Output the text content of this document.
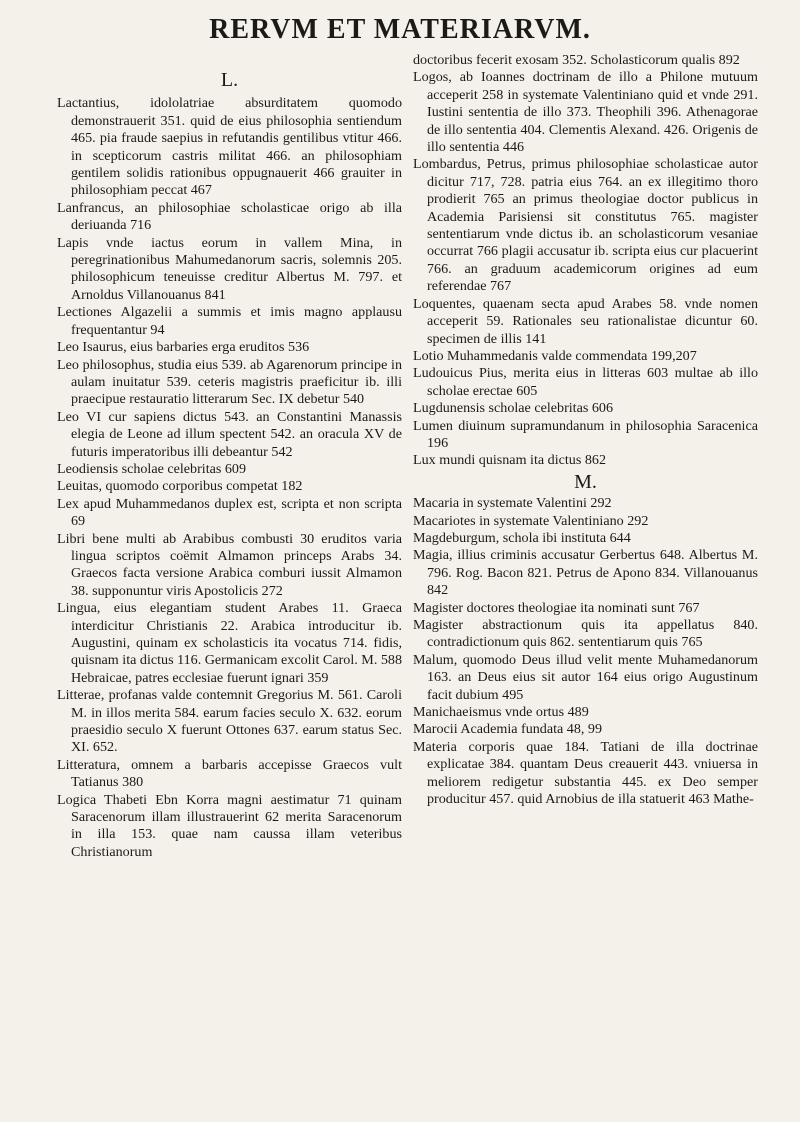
RERVM ET MATERIARVM.

L.

Lactantius, idololatriae absurditatem quomodo demonstrauerit 351. quid de eius philosophia sentiendum 465. pia fraude saepius in refutandis gentilibus vtitur 466. in scepticorum castris militat 466. an philosophiam gentilem solidis rationibus oppugnauerit 466 grauiter in philosophiam peccat 467

Lanfrancus, an philosophiae scholasticae origo ab illa deriuanda 716

Lapis vnde iactus eorum in vallem Mina, in peregrinationibus Mahumedanorum sacris, solemnis 205. philosophicum teneuisse creditur Albertus M. 797. et Arnoldus Villanouanus 841

Lectiones Algazelii a summis et imis magno applausu frequentantur 94

Leo Isaurus, eius barbaries erga eruditos 536

Leo philosophus, studia eius 539. ab Agarenorum principe in aulam inuitatur 539. ceteris magistris praeficitur ib. illi praecipue restauratio litterarum Sec. IX debetur 540

Leo VI cur sapiens dictus 543. an Constantini Manassis elegia de Leone ad illum spectent 542. an oracula XV de futuris imperatoribus illi debeantur 542

Leodiensis scholae celebritas 609

Leuitas, quomodo corporibus competat 182

Lex apud Muhammedanos duplex est, scripta et non scripta 69

Libri bene multi ab Arabibus combusti 30 eruditos varia lingua scriptos coëmit Almamon princeps Arabs 34. Graecos facta versione Arabica comburi iussit Almamon 38. supponuntur viris Apostolicis 272

Lingua, eius elegantiam student Arabes 11. Graeca interdicitur Christianis 22. Arabica introducitur ib. Augustini, quinam ex scholasticis ita vocatus 714. fidis, quisnam ita dictus 116. Germanicam excolit Carol. M. 588 Hebraicae, patres ecclesiae fuerunt ignari 359

Litterae, profanas valde contemnit Gregorius M. 561. Caroli M. in illos merita 584. earum facies seculo X. 632. eorum praesidio seculo X fuerunt Ottones 637. earum status Sec. XI. 652.

Litteratura, omnem a barbaris accepisse Graecos vult Tatianus 380

Logica Thabeti Ebn Korra magni aestimatur 71 quinam Saracenorum illam illustrauerint 62 merita Saracenorum in illa 153. quae nam caussa illam veteribus Christianorum

doctoribus fecerit exosam 352. Scholasticorum qualis 892

Logos, ab Ioannes doctrinam de illo a Philone mutuum acceperit 258 in systemate Valentiniano quid et vnde 291. Iustini sententia de illo 373. Theophili 396. Athenagorae de illo sententia 404. Clementis Alexand. 426. Origenis de illo sententia 446

Lombardus, Petrus, primus philosophiae scholasticae autor dicitur 717, 728. patria eius 764. an ex illegitimo thoro prodierit 765 an primus theologiae doctor publicus in Academia Parisiensi sit constitutus 765. magister sententiarum vnde dictus ib. an scholasticorum vesaniae occurrat 766 plagii accusatur ib. scripta eius cur placuerint 766. an graduum academicorum origines ad eum referendae 767

Loquentes, quaenam secta apud Arabes 58. vnde nomen acceperit 59. Rationales seu rationalistae dicuntur 60. specimen de illis 141

Lotio Muhammedanis valde commendata 199,207

Ludouicus Pius, merita eius in litteras 603 multae ab illo scholae erectae 605

Lugdunensis scholae celebritas 606

Lumen diuinum supramundanum in philosophia Saracenica 196

Lux mundi quisnam ita dictus 862

M.

Macaria in systemate Valentini 292

Macariotes in systemate Valentiniano 292

Magdeburgum, schola ibi instituta 644

Magia, illius criminis accusatur Gerbertus 648. Albertus M. 796. Rog. Bacon 821. Petrus de Apono 834. Villanouanus 842

Magister doctores theologiae ita nominati sunt 767

Magister abstractionum quis ita appellatus 840. contradictionum quis 862. sententiarum quis 765

Malum, quomodo Deus illud velit mente Muhamedanorum 163. an Deus eius sit autor 164 eius origo Augustinum facit dubium 495

Manichaeismus vnde ortus 489

Marocii Academia fundata 48, 99

Materia corporis quae 184. Tatiani de illa doctrinae explicatae 384. quantam Deus creauerit 443. vniuersa in meliorem redigetur substantia 445. ex Deo semper producitur 457. quid Arnobius de illa statuerit 463 Mathe-
